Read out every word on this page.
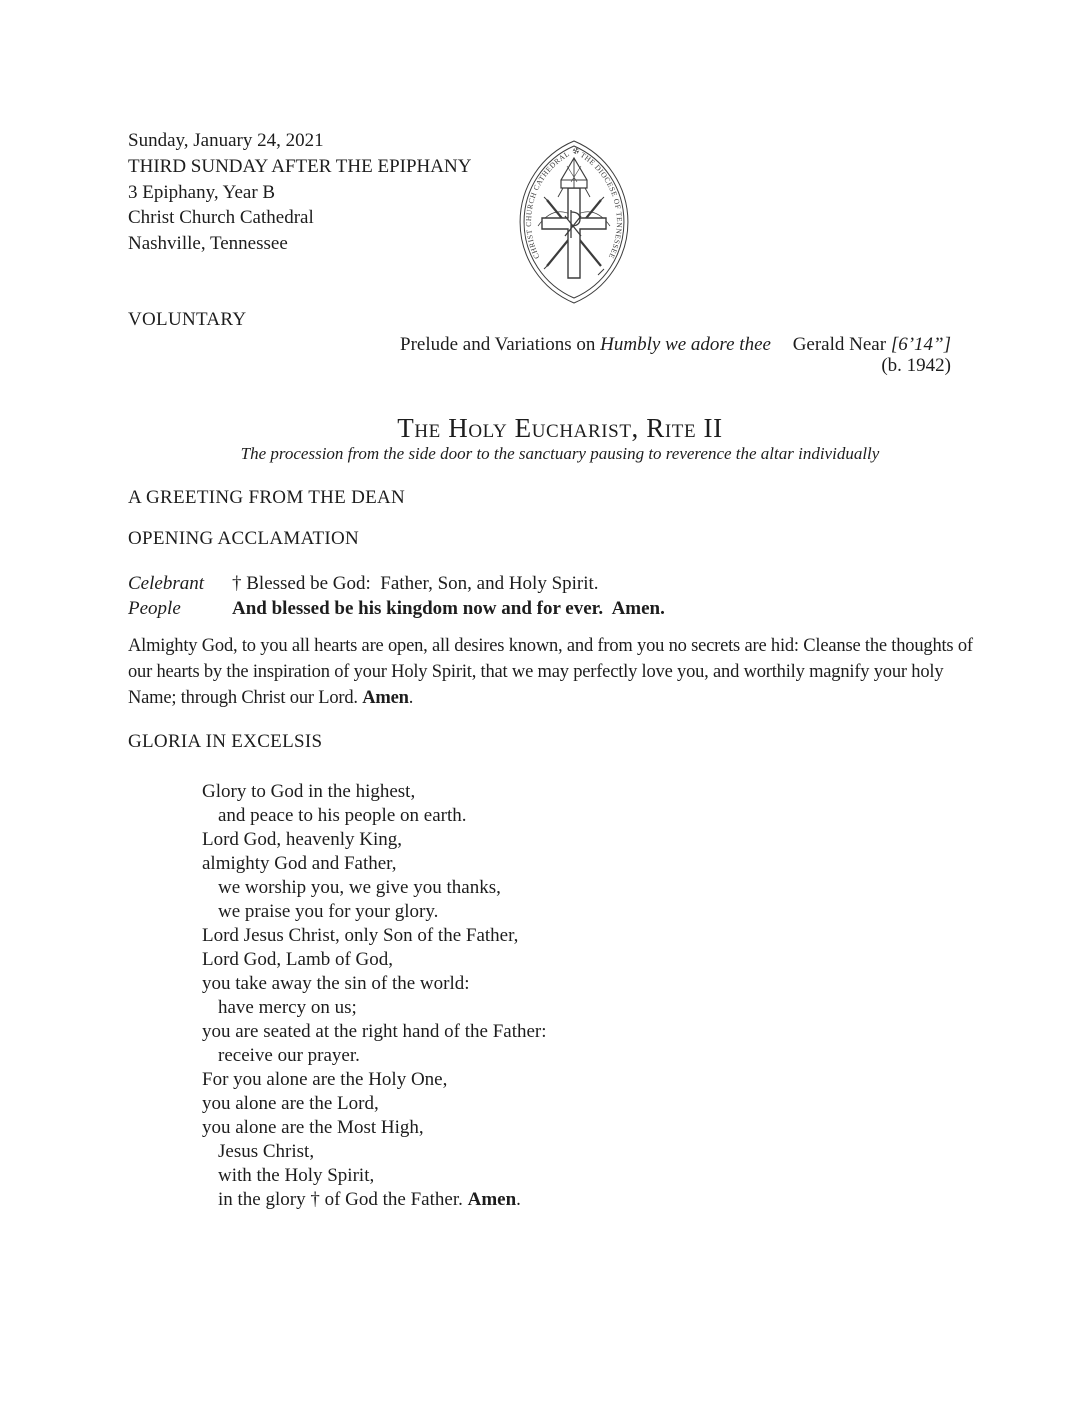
Sunday, January 24, 2021
THIRD SUNDAY AFTER THE EPIPHANY
3 Epiphany, Year B
Christ Church Cathedral
Nashville, Tennessee
CHRIST CHURCH CATHEDRAL ✠ THE DIOCESE OF TENNESSEE
VOLUNTARY
Prelude and Variations on Humbly we adore thee Gerald Near [6’14”]
(b. 1942)
The Holy Eucharist, Rite II
The procession from the side door to the sanctuary pausing to reverence the altar individually
A GREETING FROM THE DEAN
OPENING ACCLAMATION
Celebrant	† Blessed be God:  Father, Son, and Holy Spirit.
People	And blessed be his kingdom now and for ever.  Amen.
Almighty God, to you all hearts are open, all desires known, and from you no secrets are hid: Cleanse the thoughts of our hearts by the inspiration of your Holy Spirit, that we may perfectly love you, and worthily magnify your holy Name; through Christ our Lord. Amen.
GLORIA IN EXCELSIS
Glory to God in the highest,
and peace to his people on earth.
Lord God, heavenly King,
almighty God and Father,
we worship you, we give you thanks,
we praise you for your glory.
Lord Jesus Christ, only Son of the Father,
Lord God, Lamb of God,
you take away the sin of the world:
have mercy on us;
you are seated at the right hand of the Father:
receive our prayer.
For you alone are the Holy One,
you alone are the Lord,
you alone are the Most High,
Jesus Christ,
with the Holy Spirit,
in the glory † of God the Father. Amen.
